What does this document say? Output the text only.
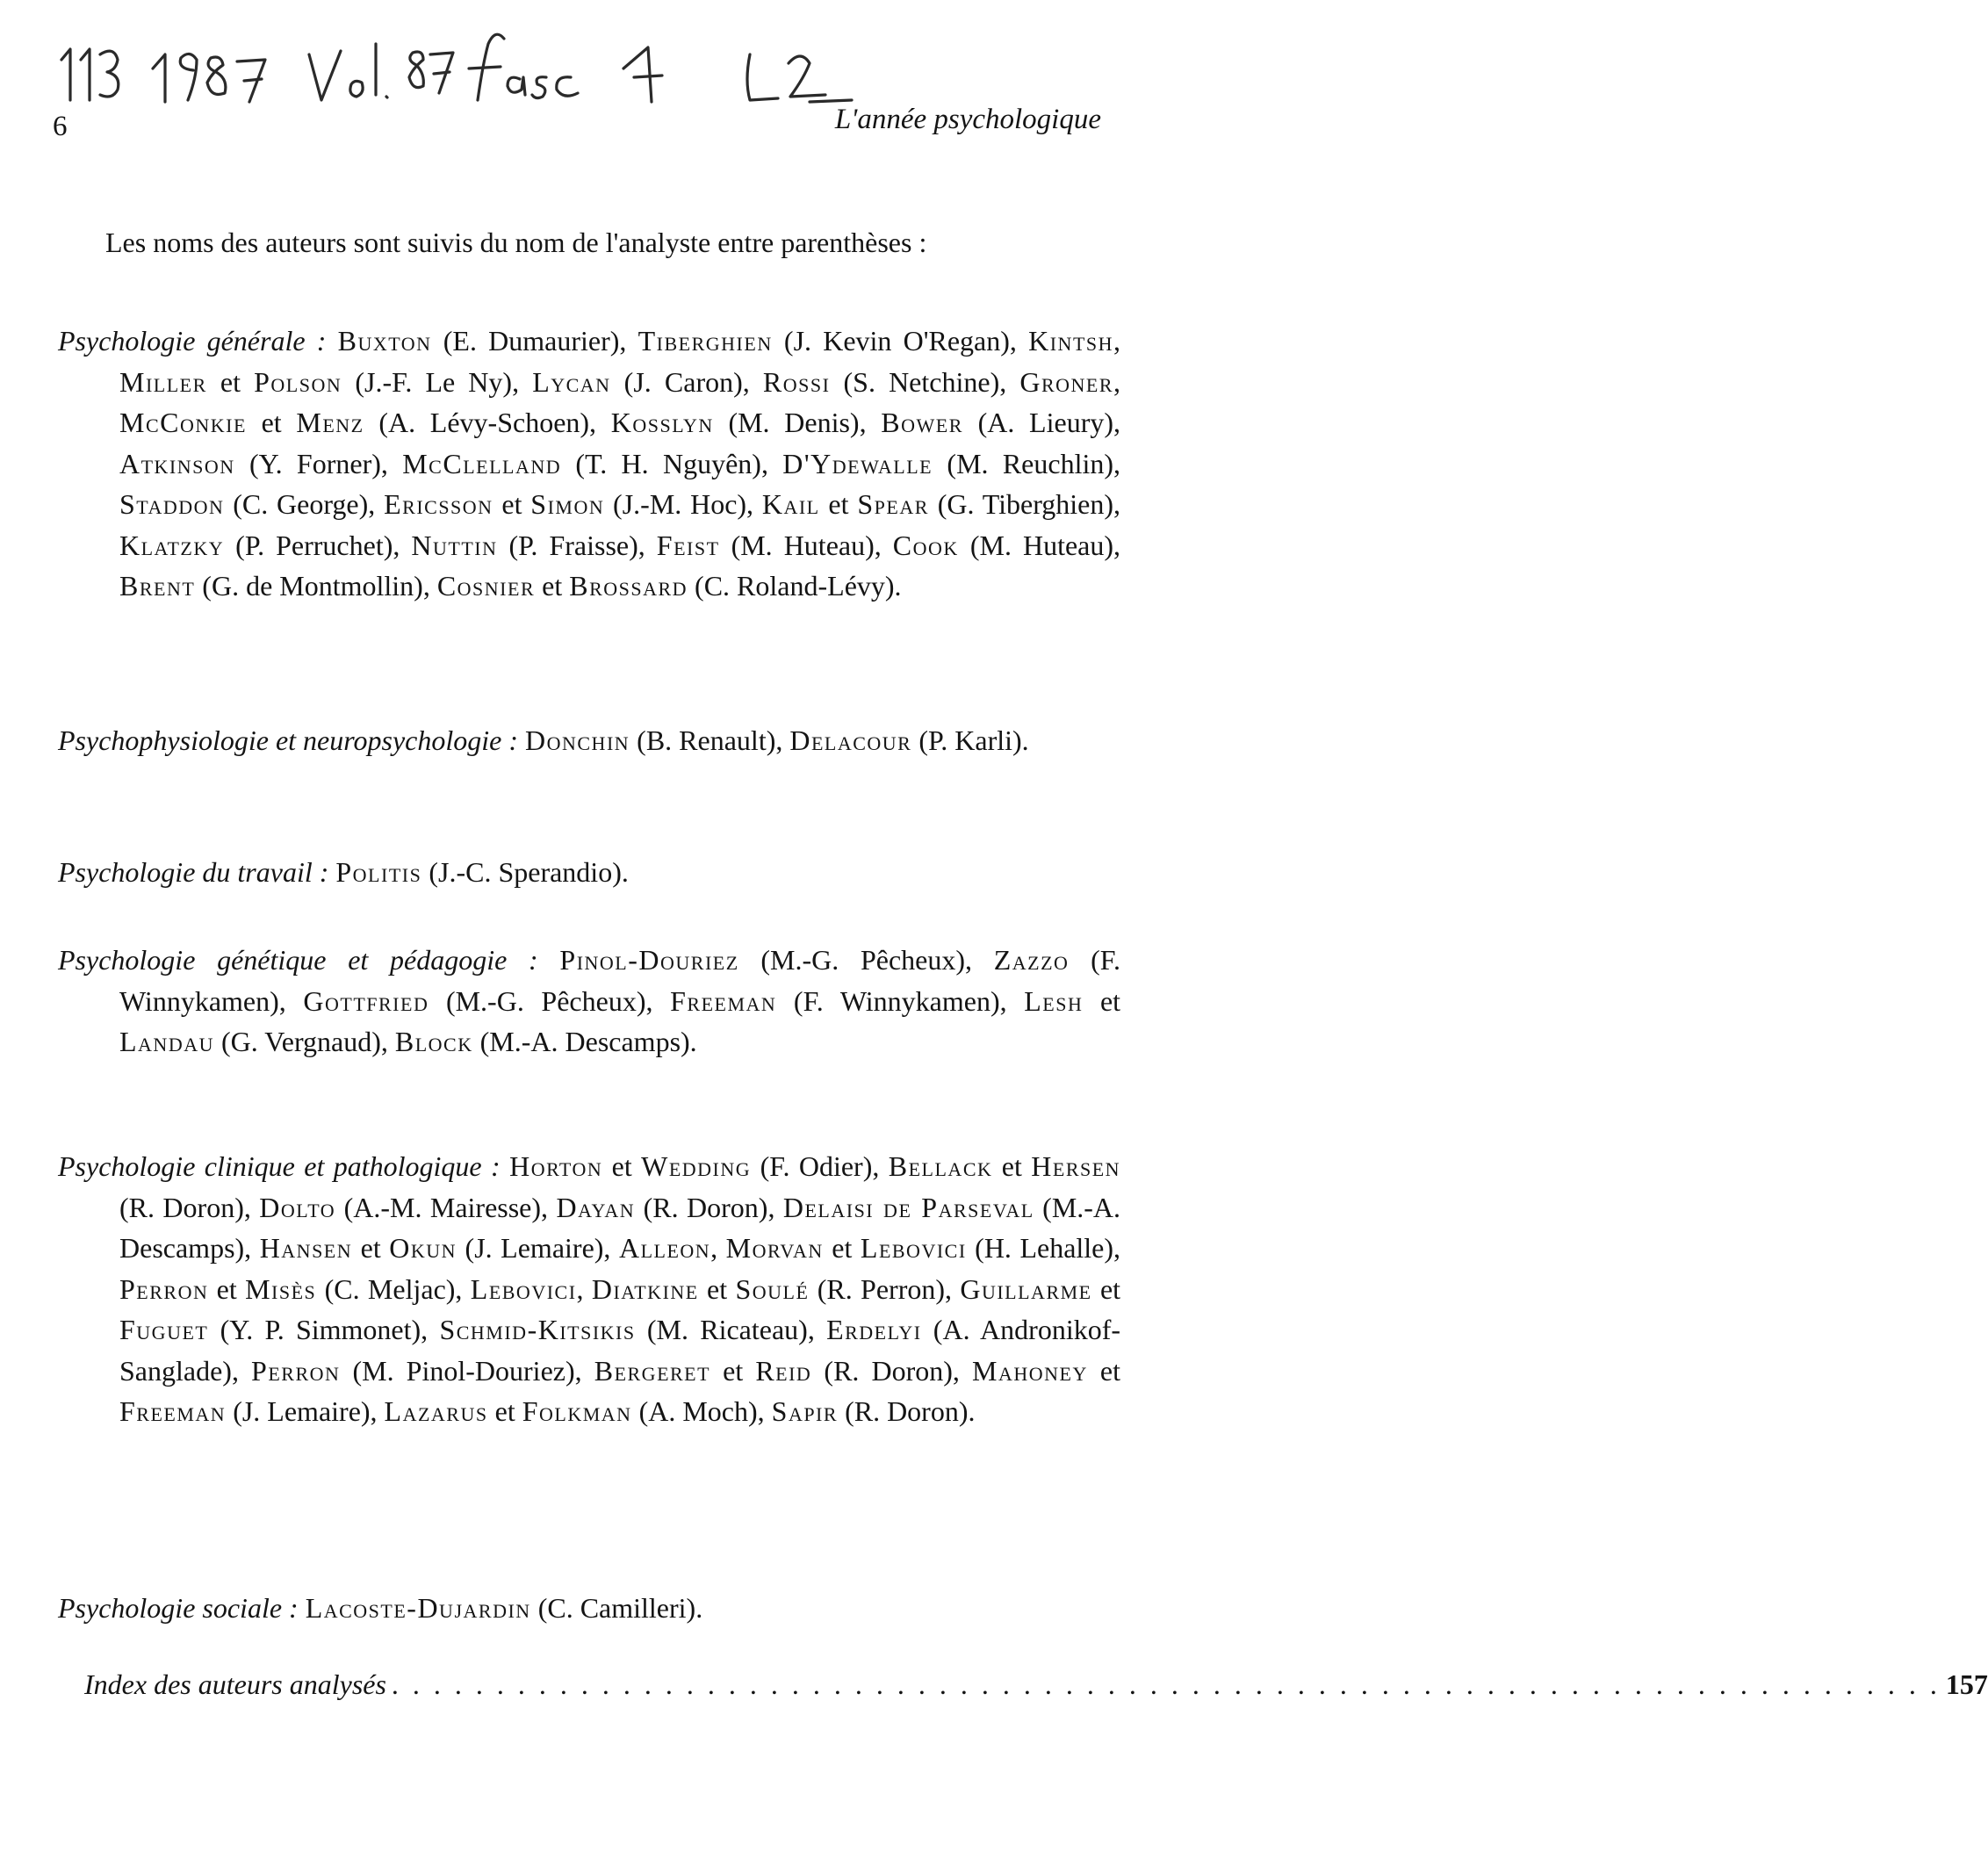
6	L'année psychologique

Les noms des auteurs sont suivis du nom de l'analyste entre parenthèses :

Psychologie générale : Buxton (E. Dumaurier), Tiberghien (J. Kevin O'Regan), Kintsh, Miller et Polson (J.-F. Le Ny), Lycan (J. Caron), Rossi (S. Netchine), Groner, McConkie et Menz (A. Lévy-Schoen), Kosslyn (M. Denis), Bower (A. Lieury), Atkinson (Y. Forner), McClelland (T. H. Nguyên), D'Ydewalle (M. Reuchlin), Staddon (C. George), Ericsson et Simon (J.-M. Hoc), Kail et Spear (G. Tiberghien), Klatzky (P. Perruchet), Nuttin (P. Fraisse), Feist (M. Huteau), Cook (M. Huteau), Brent (G. de Montmollin), Cosnier et Brossard (C. Roland-Lévy).

Psychophysiologie et neuropsychologie : Donchin (B. Renault), Delacour (P. Karli).

Psychologie du travail : Politis (J.-C. Sperandio).

Psychologie génétique et pédagogie : Pinol-Douriez (M.-G. Pêcheux), Zazzo (F. Winnykamen), Gottfried (M.-G. Pêcheux), Freeman (F. Winnykamen), Lesh et Landau (G. Vergnaud), Block (M.-A. Descamps).

Psychologie clinique et pathologique : Horton et Wedding (F. Odier), Bellack et Hersen (R. Doron), Dolto (A.-M. Mairesse), Dayan (R. Doron), Delaisi de Parseval (M.-A. Descamps), Hansen et Okun (J. Lemaire), Alleon, Morvan et Lebovici (H. Lehalle), Perron et Misès (C. Meljac), Lebovici, Diatkine et Soulé (R. Perron), Guillarme et Fuguet (Y. P. Simmonet), Schmid-Kitsikis (M. Ricateau), Erdelyi (A. Andronikof-Sanglade), Perron (M. Pinol-Douriez), Bergeret et Reid (R. Doron), Mahoney et Freeman (J. Lemaire), Lazarus et Folkman (A. Moch), Sapir (R. Doron).

Psychologie sociale : Lacoste-Dujardin (C. Camilleri).

Index des auteurs analysés . . . . . . . . . . . . . . . . . . . . . . . . . . . . . . . . . . . . . . . . . . . . . . . . . . . . . . . . . . . . . . . . . . . . . . . . . . 157
